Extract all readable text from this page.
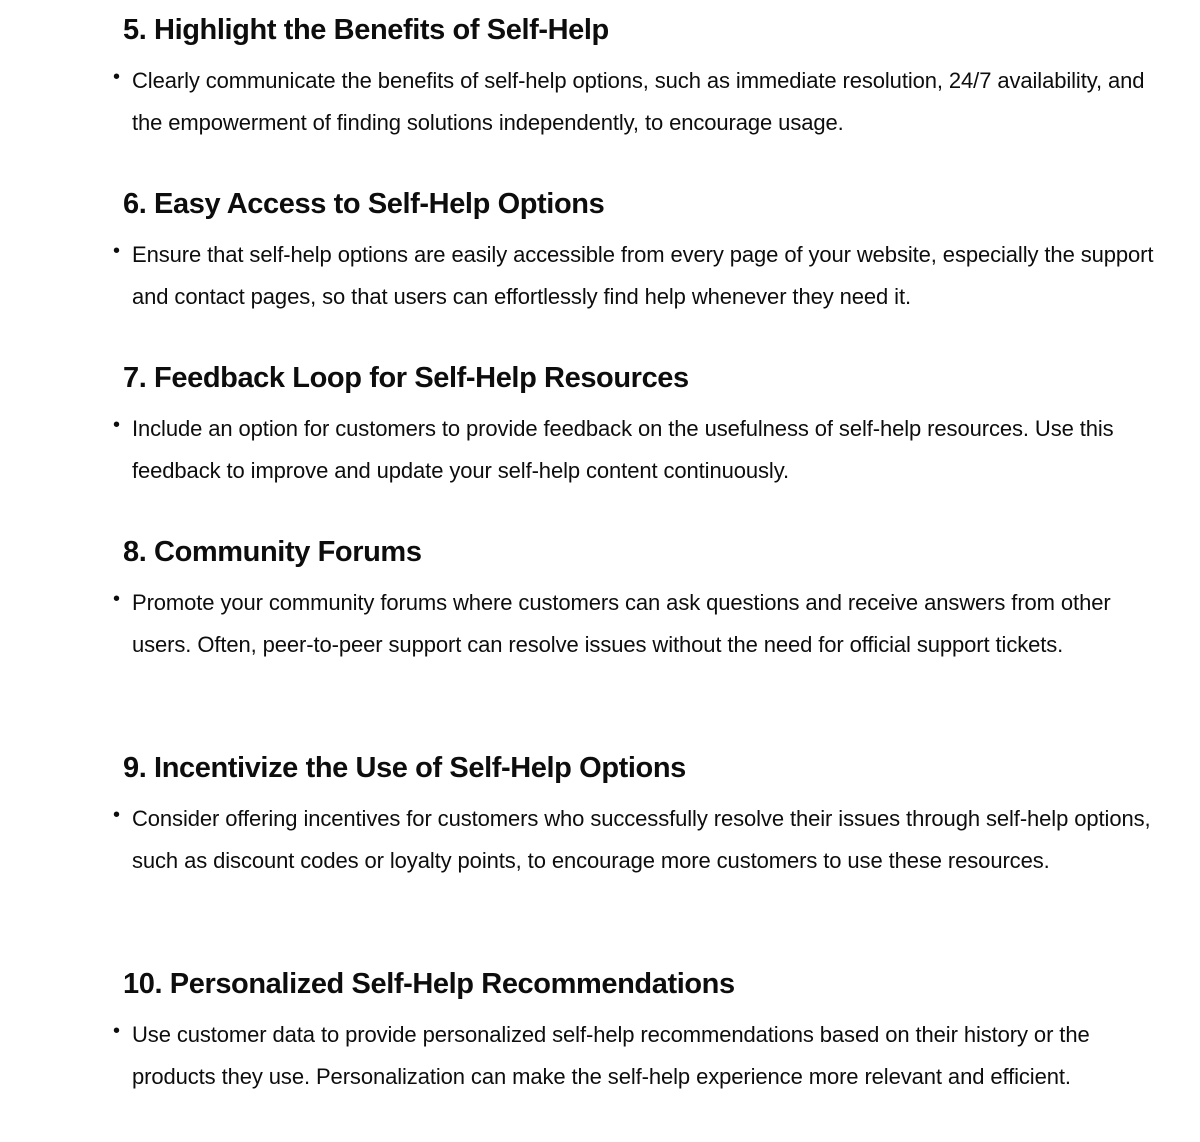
5. Highlight the Benefits of Self-Help
• Clearly communicate the benefits of self-help options, such as immediate resolution, 24/7 availability, and the empowerment of finding solutions independently, to encourage usage.
6. Easy Access to Self-Help Options
• Ensure that self-help options are easily accessible from every page of your website, especially the support and contact pages, so that users can effortlessly find help whenever they need it.
7. Feedback Loop for Self-Help Resources
• Include an option for customers to provide feedback on the usefulness of self-help resources. Use this feedback to improve and update your self-help content continuously.
8. Community Forums
• Promote your community forums where customers can ask questions and receive answers from other users. Often, peer-to-peer support can resolve issues without the need for official support tickets.
9. Incentivize the Use of Self-Help Options
• Consider offering incentives for customers who successfully resolve their issues through self-help options, such as discount codes or loyalty points, to encourage more customers to use these resources.
10. Personalized Self-Help Recommendations
• Use customer data to provide personalized self-help recommendations based on their history or the products they use. Personalization can make the self-help experience more relevant and efficient.
